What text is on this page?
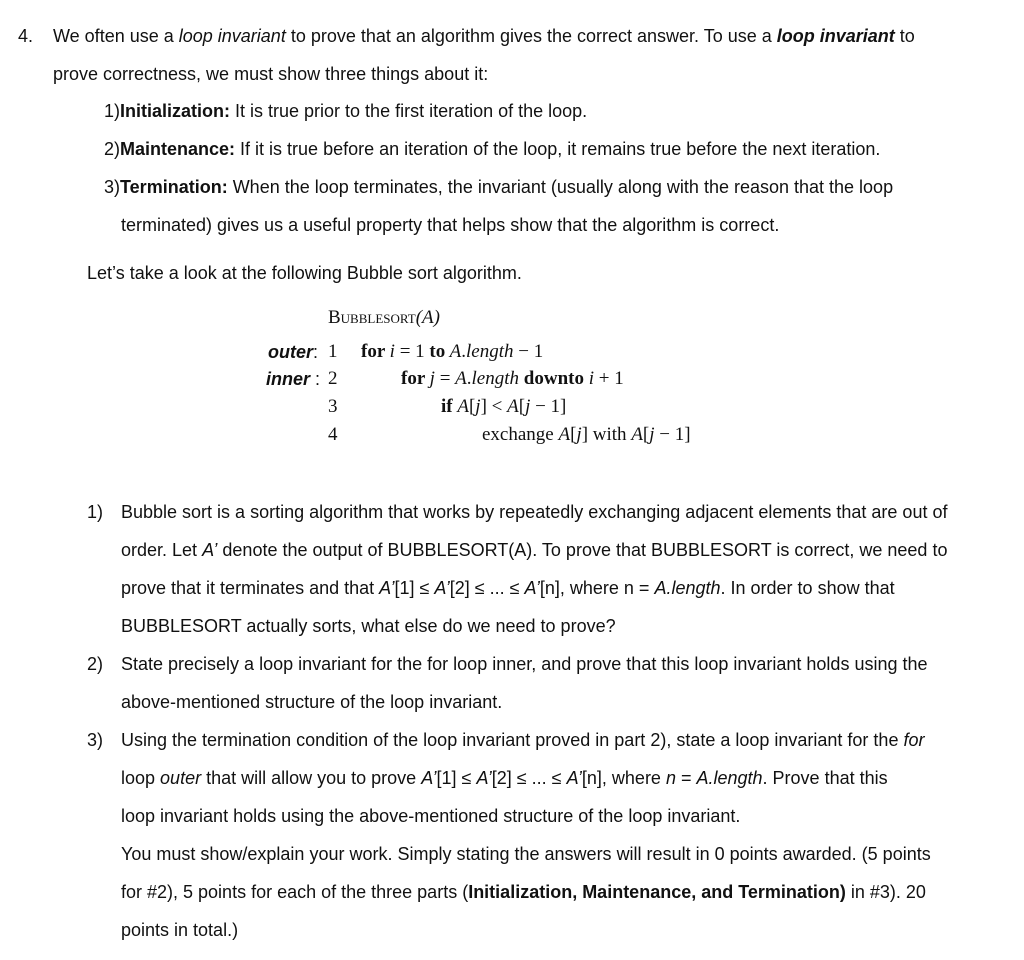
4. We often use a loop invariant to prove that an algorithm gives the correct answer. To use a loop invariant to
prove correctness, we must show three things about it:
1)Initialization: It is true prior to the first iteration of the loop.
2)Maintenance: If it is true before an iteration of the loop, it remains true before the next iteration.
3)Termination: When the loop terminates, the invariant (usually along with the reason that the loop
terminated) gives us a useful property that helps show that the algorithm is correct.
Let’s take a look at the following Bubble sort algorithm.
Bubblesort(A)
outer:
inner :
1
2
3
4
for i = 1 to A.length − 1
for j = A.length downto i + 1
if A[j] < A[j − 1]
exchange A[j] with A[j − 1]
1) Bubble sort is a sorting algorithm that works by repeatedly exchanging adjacent elements that are out of
order. Let A’ denote the output of BUBBLESORT(A). To prove that BUBBLESORT is correct, we need to
prove that it terminates and that A’[1] ≤ A’[2] ≤ ... ≤ A’[n], where n = A.length. In order to show that
BUBBLESORT actually sorts, what else do we need to prove?
2) State precisely a loop invariant for the for loop inner, and prove that this loop invariant holds using the
above-mentioned structure of the loop invariant.
3) Using the termination condition of the loop invariant proved in part 2), state a loop invariant for the for
loop outer that will allow you to prove A’[1] ≤ A’[2] ≤ ... ≤ A’[n], where n = A.length. Prove that this
loop invariant holds using the above-mentioned structure of the loop invariant.
You must show/explain your work. Simply stating the answers will result in 0 points awarded. (5 points
for #2), 5 points for each of the three parts (Initialization, Maintenance, and Termination) in #3). 20
points in total.)
